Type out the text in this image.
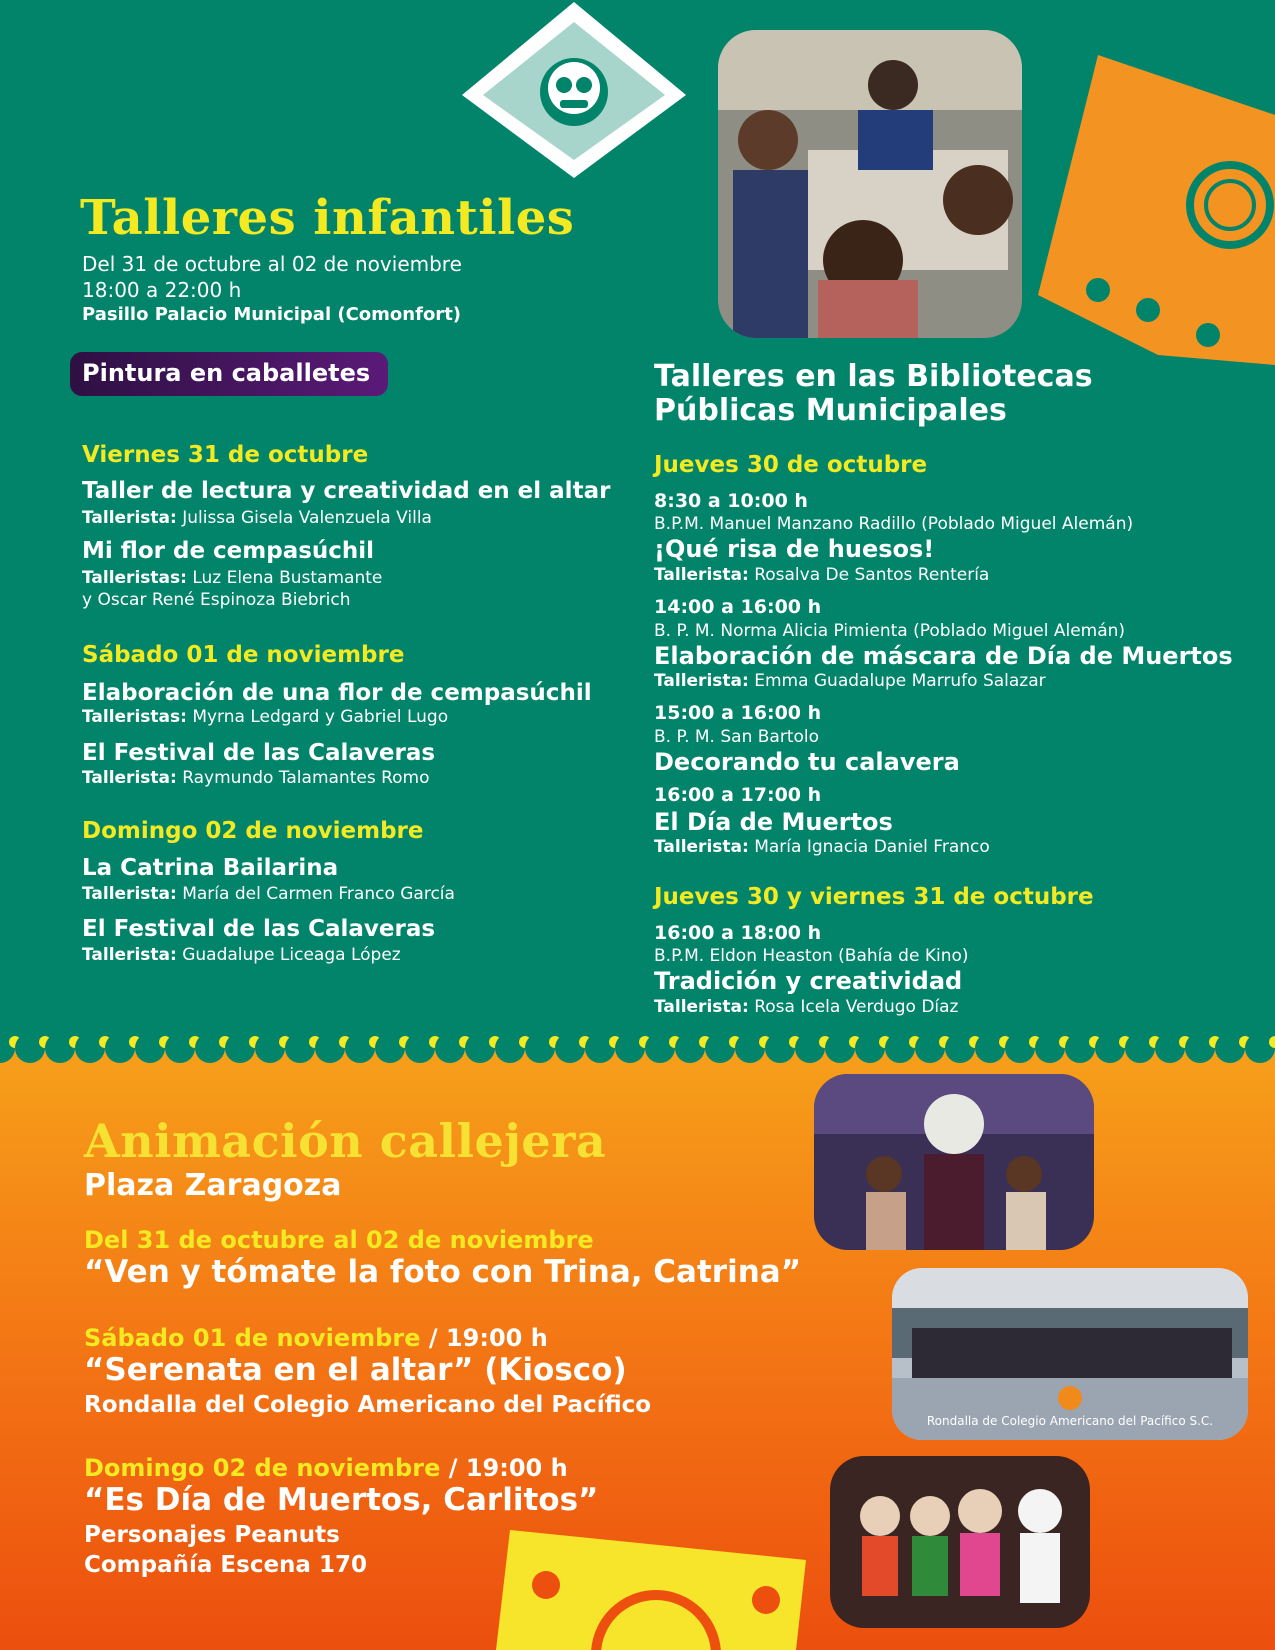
Talleres infantiles
Del 31 de octubre al 02 de noviembre
18:00 a 22:00 h
Pasillo Palacio Municipal (Comonfort)
Pintura en caballetes
Viernes 31 de octubre
Taller de lectura y creatividad en el altar
Tallerista: Julissa Gisela Valenzuela Villa
Mi flor de cempasúchil
Talleristas: Luz Elena Bustamante
y Oscar René Espinoza Biebrich
Sábado 01 de noviembre
Elaboración de una flor de cempasúchil
Talleristas: Myrna Ledgard y Gabriel Lugo
El Festival de las Calaveras
Tallerista: Raymundo Talamantes Romo
Domingo 02 de noviembre
La Catrina Bailarina
Tallerista: María del Carmen Franco García
El Festival de las Calaveras
Tallerista: Guadalupe Liceaga López
Talleres en las Bibliotecas
Públicas Municipales
Jueves 30 de octubre
8:30 a 10:00 h
B.P.M. Manuel Manzano Radillo (Poblado Miguel Alemán)
¡Qué risa de huesos!
Tallerista: Rosalva De Santos Rentería
14:00 a 16:00 h
B. P. M. Norma Alicia Pimienta (Poblado Miguel Alemán)
Elaboración de máscara de Día de Muertos
Tallerista: Emma Guadalupe Marrufo Salazar
15:00 a 16:00 h
B. P. M. San Bartolo
Decorando tu calavera
16:00 a 17:00 h
El Día de Muertos
Tallerista: María Ignacia Daniel Franco
Jueves 30 y viernes 31 de octubre
16:00 a 18:00 h
B.P.M. Eldon Heaston (Bahía de Kino)
Tradición y creatividad
Tallerista: Rosa Icela Verdugo Díaz
Animación callejera
Plaza Zaragoza
Del 31 de octubre al 02 de noviembre
“Ven y tómate la foto con Trina, Catrina”
Sábado 01 de noviembre / 19:00 h
“Serenata en el altar” (Kiosco)
Rondalla del Colegio Americano del Pacífico
Domingo 02 de noviembre / 19:00 h
“Es Día de Muertos, Carlitos”
Personajes Peanuts
Compañía Escena 170
Rondalla de Colegio Americano del Pacífico S.C.
